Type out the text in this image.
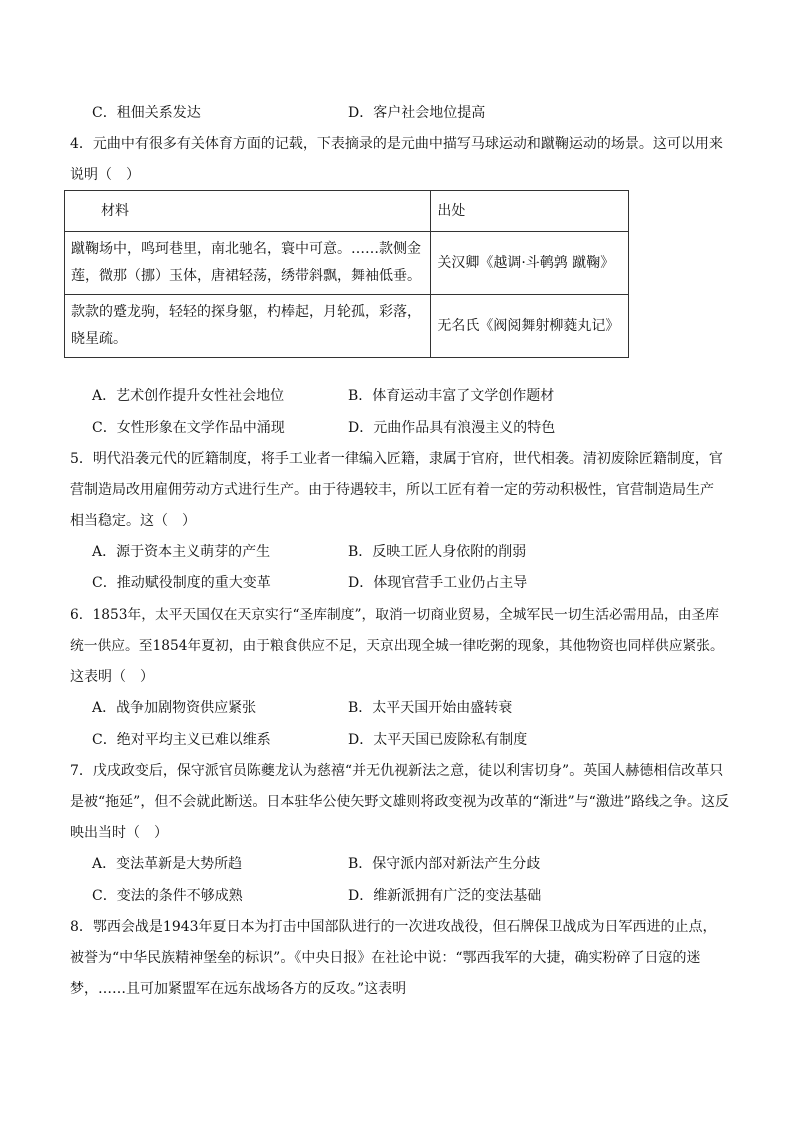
C．租佃关系发达	D．客户社会地位提高
4．元曲中有很多有关体育方面的记载，下表摘录的是元曲中描写马球运动和蹴鞠运动的场景。这可以用来
说明（　）
材料	出处

蹴鞠场中，鸣珂巷里，南北驰名，寰中可意。……款侧金
莲，微那（挪）玉体，唐裙轻荡，绣带斜飘，舞袖低垂。	关汉卿《越调·斗鹌鹑 蹴鞠》

款款的蹙龙驹，轻轻的探身躯，杓棒起，月轮孤，彩落，
晓星疏。	无名氏《阀阅舞射柳蕤丸记》
A．艺术创作提升女性社会地位	B．体育运动丰富了文学创作题材
C．女性形象在文学作品中涌现	D．元曲作品具有浪漫主义的特色
5．明代沿袭元代的匠籍制度，将手工业者一律编入匠籍，隶属于官府，世代相袭。清初废除匠籍制度，官
营制造局改用雇佣劳动方式进行生产。由于待遇较丰，所以工匠有着一定的劳动积极性，官营制造局生产
相当稳定。这（　）
A．源于资本主义萌芽的产生	B．反映工匠人身依附的削弱
C．推动赋役制度的重大变革	D．体现官营手工业仍占主导
6．1853年，太平天国仅在天京实行“圣库制度”，取消一切商业贸易，全城军民一切生活必需用品，由圣库
统一供应。至1854年夏初，由于粮食供应不足，天京出现全城一律吃粥的现象，其他物资也同样供应紧张。
这表明（　）
A．战争加剧物资供应紧张	B．太平天国开始由盛转衰
C．绝对平均主义已难以维系	D．太平天国已废除私有制度
7．戊戌政变后，保守派官员陈夔龙认为慈禧“并无仇视新法之意，徒以利害切身”。英国人赫德相信改革只
是被“拖延”，但不会就此断送。日本驻华公使矢野文雄则将政变视为改革的“渐进”与“激进”路线之争。这反
映出当时（　）
A．变法革新是大势所趋	B．保守派内部对新法产生分歧
C．变法的条件不够成熟	D．维新派拥有广泛的变法基础
8．鄂西会战是1943年夏日本为打击中国部队进行的一次进攻战役，但石牌保卫战成为日军西进的止点，
被誉为“中华民族精神堡垒的标识”。《中央日报》在社论中说：“鄂西我军的大捷，确实粉碎了日寇的迷
梦，……且可加紧盟军在远东战场各方的反攻。”这表明
